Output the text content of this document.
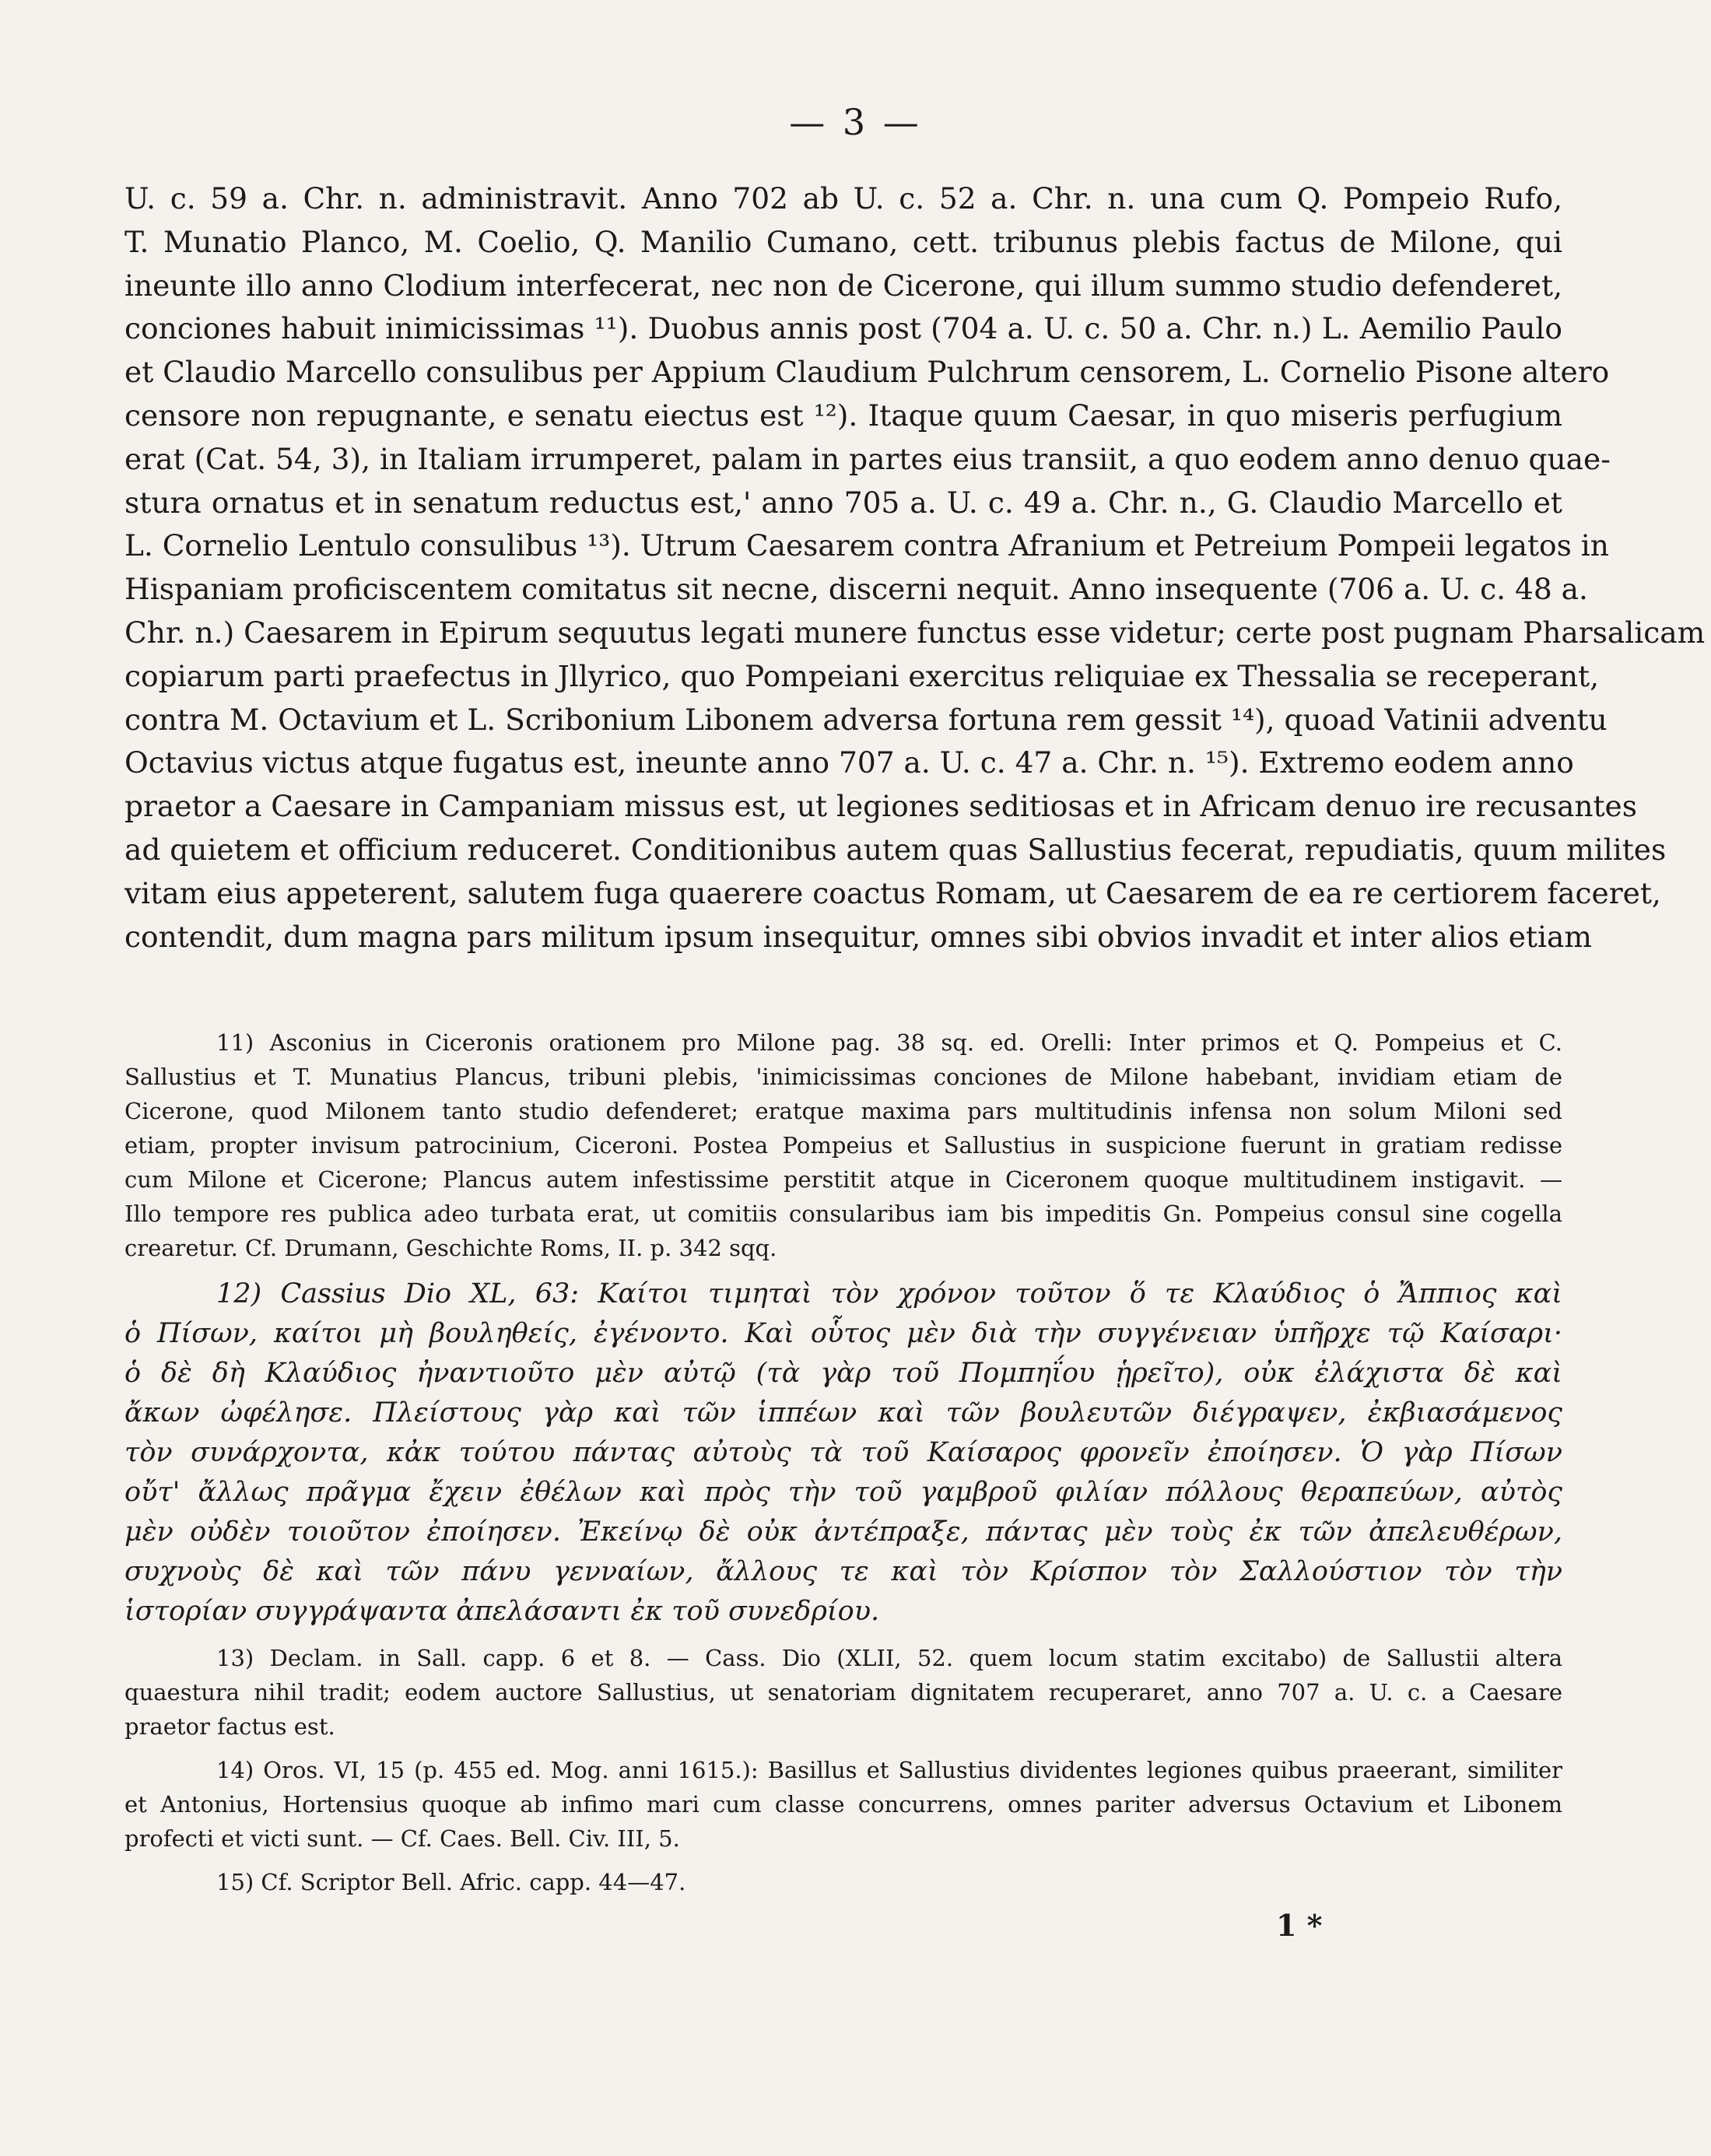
— 3 —
U. c. 59 a. Chr. n. administravit. Anno 702 ab U. c. 52 a. Chr. n. una cum Q. Pompeio Rufo,
T. Munatio Planco, M. Coelio, Q. Manilio Cumano, cett. tribunus plebis factus de Milone, qui
ineunte illo anno Clodium interfecerat, nec non de Cicerone, qui illum summo studio defenderet,
conciones habuit inimicissimas ¹¹). Duobus annis post (704 a. U. c. 50 a. Chr. n.) L. Aemilio Paulo
et Claudio Marcello consulibus per Appium Claudium Pulchrum censorem, L. Cornelio Pisone altero
censore non repugnante, e senatu eiectus est ¹²). Itaque quum Caesar, in quo miseris perfugium
erat (Cat. 54, 3), in Italiam irrumperet, palam in partes eius transiit, a quo eodem anno denuo quae-
stura ornatus et in senatum reductus est,' anno 705 a. U. c. 49 a. Chr. n., G. Claudio Marcello et
L. Cornelio Lentulo consulibus ¹³). Utrum Caesarem contra Afranium et Petreium Pompeii legatos in
Hispaniam proficiscentem comitatus sit necne, discerni nequit. Anno insequente (706 a. U. c. 48 a.
Chr. n.) Caesarem in Epirum sequutus legati munere functus esse videtur; certe post pugnam Pharsalicam
copiarum parti praefectus in Jllyrico, quo Pompeiani exercitus reliquiae ex Thessalia se receperant,
contra M. Octavium et L. Scribonium Libonem adversa fortuna rem gessit ¹⁴), quoad Vatinii adventu
Octavius victus atque fugatus est, ineunte anno 707 a. U. c. 47 a. Chr. n. ¹⁵). Extremo eodem anno
praetor a Caesare in Campaniam missus est, ut legiones seditiosas et in Africam denuo ire recusantes
ad quietem et officium reduceret. Conditionibus autem quas Sallustius fecerat, repudiatis, quum milites
vitam eius appeterent, salutem fuga quaerere coactus Romam, ut Caesarem de ea re certiorem faceret,
contendit, dum magna pars militum ipsum insequitur, omnes sibi obvios invadit et inter alios etiam
11) Asconius in Ciceronis orationem pro Milone pag. 38 sq. ed. Orelli: Inter primos et Q. Pompeius et C.
Sallustius et T. Munatius Plancus, tribuni plebis, 'inimicissimas conciones de Milone habebant, invidiam etiam de
Cicerone, quod Milonem tanto studio defenderet; eratque maxima pars multitudinis infensa non solum Miloni sed
etiam, propter invisum patrocinium, Ciceroni. Postea Pompeius et Sallustius in suspicione fuerunt in gratiam redisse
cum Milone et Cicerone; Plancus autem infestissime perstitit atque in Ciceronem quoque multitudinem instigavit. —
Illo tempore res publica adeo turbata erat, ut comitiis consularibus iam bis impeditis Gn. Pompeius consul sine cogella
crearetur. Cf. Drumann, Geschichte Roms, II. p. 342 sqq.
12) Cassius Dio XL, 63: Καίτοι τιμηταὶ τὸν χρόνον τοῦτον ὅ τε Κλαύδιος ὁ Ἄππιος καὶ
ὁ Πίσων, καίτοι μὴ βουληθείς, ἐγένοντο. Καὶ οὗτος μὲν διὰ τὴν συγγένειαν ὑπῆρχε τῷ Καίσαρι·
ὁ δὲ δὴ Κλαύδιος ἠναντιοῦτο μὲν αὐτῷ (τὰ γὰρ τοῦ Πομπηΐου ᾑρεῖτο), οὐκ ἐλάχιστα δὲ καὶ
ἄκων ὠφέλησε. Πλείστους γὰρ καὶ τῶν ἱππέων καὶ τῶν βουλευτῶν διέγραψεν, ἐκβιασάμενος
τὸν συνάρχοντα, κἀκ τούτου πάντας αὐτοὺς τὰ τοῦ Καίσαρος φρονεῖν ἐποίησεν. Ὁ γὰρ Πίσων
οὔτ' ἄλλως πρᾶγμα ἔχειν ἐθέλων καὶ πρὸς τὴν τοῦ γαμβροῦ φιλίαν πόλλους θεραπεύων, αὐτὸς
μὲν οὐδὲν τοιοῦτον ἐποίησεν. Ἐκείνῳ δὲ οὐκ ἀντέπραξε, πάντας μὲν τοὺς ἐκ τῶν ἀπελευθέρων,
συχνοὺς δὲ καὶ τῶν πάνυ γενναίων, ἄλλους τε καὶ τὸν Κρίσπον τὸν Σαλλούστιον τὸν τὴν
ἱστορίαν συγγράψαντα ἀπελάσαντι ἐκ τοῦ συνεδρίου.
13) Declam. in Sall. capp. 6 et 8. — Cass. Dio (XLII, 52. quem locum statim excitabo) de Sallustii altera
quaestura nihil tradit; eodem auctore Sallustius, ut senatoriam dignitatem recuperaret, anno 707 a. U. c. a Caesare
praetor factus est.
14) Oros. VI, 15 (p. 455 ed. Mog. anni 1615.): Basillus et Sallustius dividentes legiones quibus praeerant, similiter
et Antonius, Hortensius quoque ab infimo mari cum classe concurrens, omnes pariter adversus Octavium et Libonem
profecti et victi sunt. — Cf. Caes. Bell. Civ. III, 5.
15) Cf. Scriptor Bell. Afric. capp. 44—47.
1 *
